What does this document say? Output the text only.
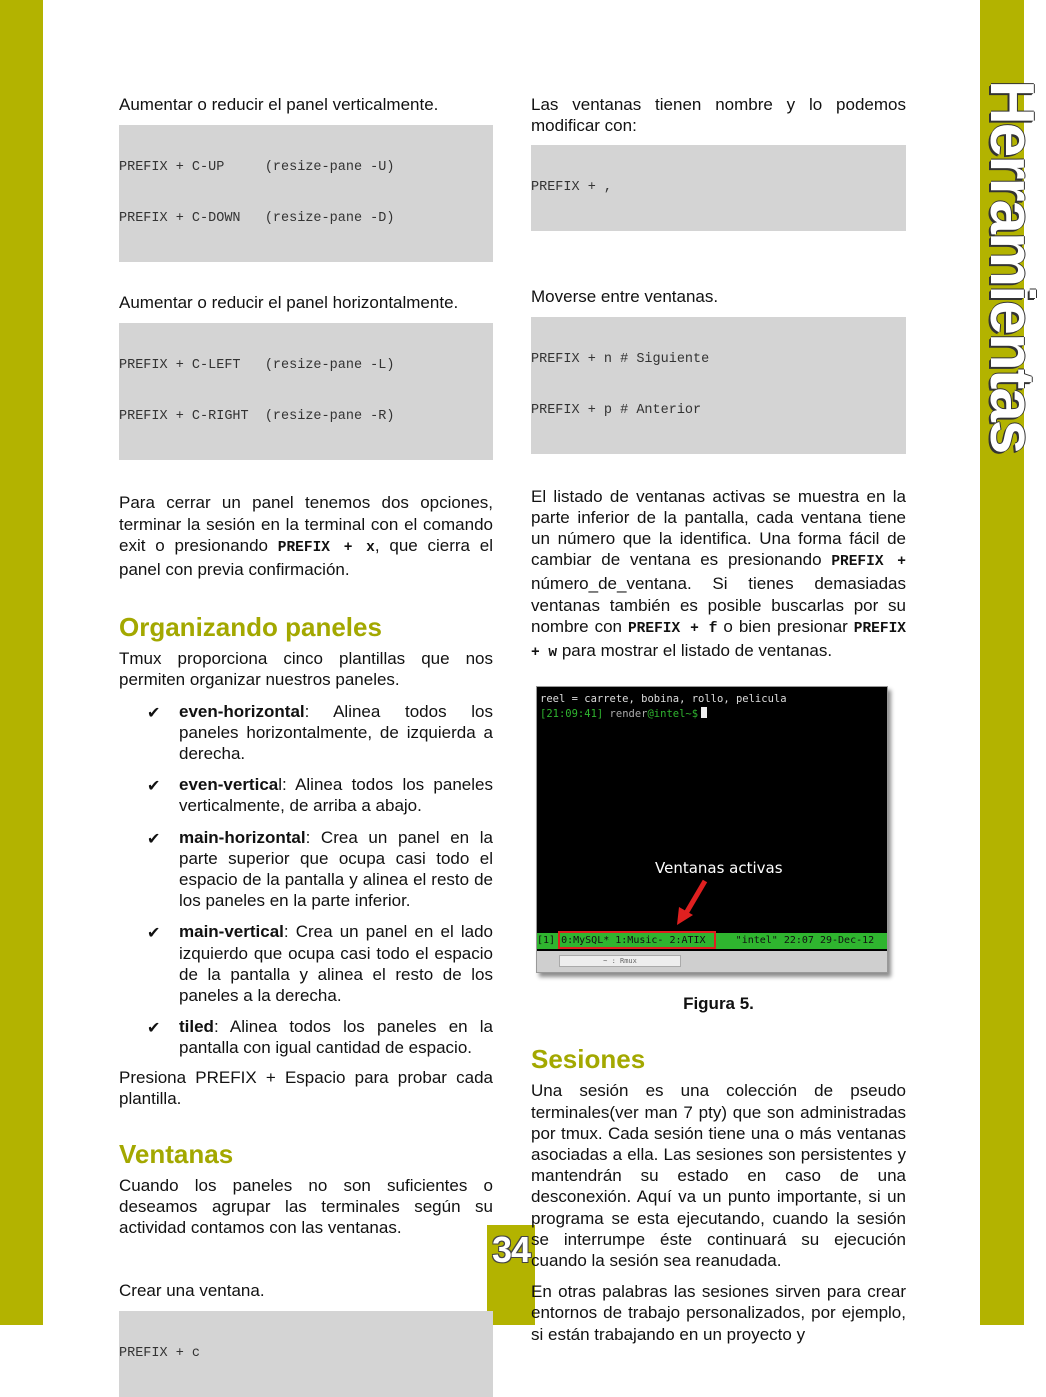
Herramientas
34

Aumentar o reducir el panel verticalmente.

PREFIX + C-UP     (resize-pane -U)

PREFIX + C-DOWN   (resize-pane -D)

Aumentar o reducir el panel horizontalmente.

PREFIX + C-LEFT   (resize-pane -L)

PREFIX + C-RIGHT  (resize-pane -R)

Para cerrar un panel tenemos dos opciones, terminar la sesión en la terminal con el comando exit o presionando PREFIX + x, que cierra el panel con previa confirmación.

Organizando paneles

Tmux proporciona cinco plantillas que nos permiten organizar nuestros paneles.

✔ even-horizontal: Alinea todos los paneles horizontalmente, de izquierda a derecha.
✔ even-vertical: Alinea todos los paneles verticalmente, de arriba a abajo.
✔ main-horizontal: Crea un panel en la parte superior que ocupa casi todo el espacio de la pantalla y alinea el resto de los paneles en la parte inferior.
✔ main-vertical: Crea un panel en el lado izquierdo que ocupa casi todo el espacio de la pantalla y alinea el resto de los paneles a la derecha.
✔ tiled: Alinea todos los paneles en la pantalla con igual cantidad de espacio.

Presiona PREFIX + Espacio para probar cada plantilla.

Ventanas

Cuando los paneles no son suficientes o deseamos agrupar las terminales según su actividad contamos con las ventanas.

Crear una ventana.

PREFIX + c

Las ventanas tienen nombre y lo podemos modificar con:

PREFIX + ,

Moverse entre ventanas.

PREFIX + n # Siguiente

PREFIX + p # Anterior

El listado de ventanas activas se muestra en la parte inferior de la pantalla, cada ventana tiene un número que la identifica. Una forma fácil de cambiar de ventana es presionando PREFIX + número_de_ventana. Si tienes demasiadas ventanas también es posible buscarlas por su nombre con PREFIX + f o bien presionar PREFIX + w para mostrar el listado de ventanas.

reel = carrete, bobina, rollo, pelicula
[21:09:41] render@intel~$
Ventanas activas
[1] 0:MySQL* 1:Music- 2:ATIX     "intel" 22:07 29-Dec-12
~ : Rmux

Figura 5.

Sesiones

Una sesión es una colección de pseudo terminales(ver man 7 pty) que son administradas por tmux. Cada sesión tiene una o más ventanas asociadas a ella. Las sesiones son persistentes y mantendrán su estado en caso de una desconexión. Aquí va un punto importante, si un programa se esta ejecutando, cuando la sesión se interrumpe éste continuará su ejecución cuando la sesión sea reanudada.

En otras palabras las sesiones sirven para crear entornos de trabajo personalizados, por ejemplo, si están trabajando en un proyecto y
